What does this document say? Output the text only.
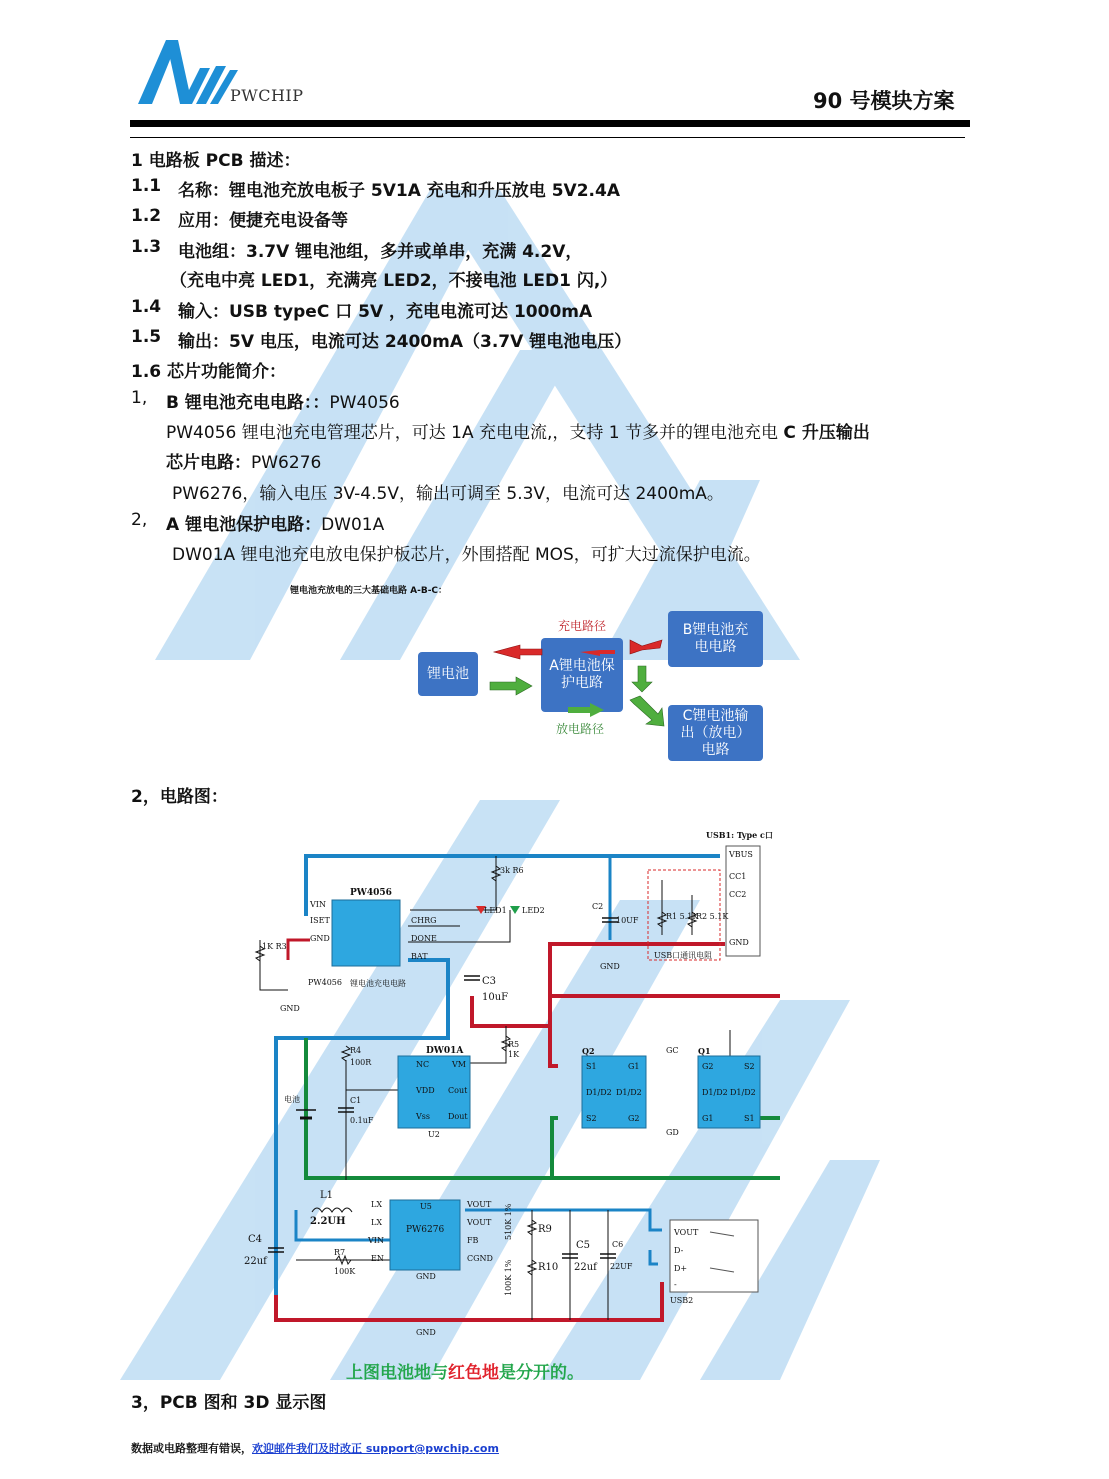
PWCHIP	90 号模块方案
1 电路板 PCB 描述：
1.1 名称：锂电池充放电板子 5V1A 充电和升压放电 5V2.4A
1.2 应用：便捷充电设备等
1.3 电池组：3.7V 锂电池组，多并或单串，充满 4.2V，
（充电中亮 LED1，充满亮 LED2，不接电池 LED1 闪,）
1.4 输入：USB typeC 口 5V ，充电电流可达 1000mA
1.5 输出：5V 电压，电流可达 2400mA（3.7V 锂电池电压）
1.6 芯片功能简介：
1, B 锂电池充电电路：：PW4056
PW4056 锂电池充电管理芯片，可达 1A 充电电流,，支持 1 节多并的锂电池充电 C 升压输出
芯片电路：PW6276
PW6276，输入电压 3V-4.5V，输出可调至 5.3V，电流可达 2400mA。
2, A 锂电池保护电路：DW01A
DW01A 锂电池充电放电保护板芯片，外围搭配 MOS，可扩大过流保护电流。
锂电池充放电的三大基础电路 A-B-C：
充电路径
放电路径
锂电池	A锂电池保护电路
B锂电池充电电路
C锂电池输出（放电）电路
2，电路图：
USB1: Type c口
VBUS
CC1
CC2
GND
USB口通讯电阻
PW4056
VIN
ISET
GND
CHRG
DONE
BAT
PW4056 锂电池充电电路
DW01A
NC	VM
VDD Cout
Vss Dout
U2
Q2	Q1
S1	G1
D1/D2 D1/D2
S2	G2
G2	S2
D1/D2 D1/D2
G1	S1
U5
PW6276
LX
LX
VIN
EN
VOUT
VOUT
FB
CGND
GND
VOUT
D-
D+
-
USB2
3k R6
LED1 LED2
1K R3
C2
10UF	R1 5.1K
R2 5.1K
C3
10uF
R4
100R
C1
0.1uF
R5
1K
电池
GC
GD
GND
GND
GND
L1
2.2UH
C4
22uf
R7
100K
R9
510K 1%
R10
100K 1%
C5
22uf
C6
22UF
上图电池地与红色地是分开的。
3，PCB 图和 3D 显示图
数据或电路整理有错误，欢迎邮件我们及时改正 support@pwchip.com
